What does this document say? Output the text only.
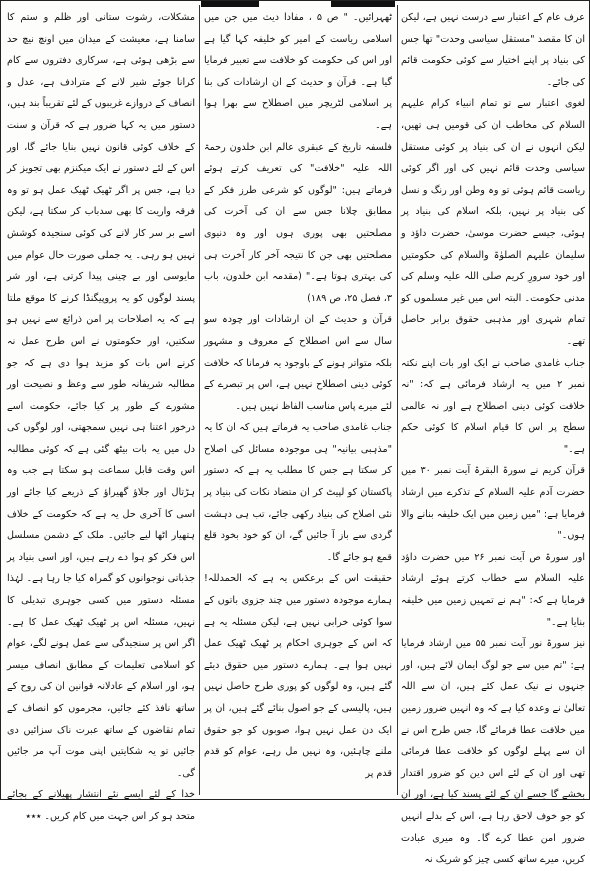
عرف عام کے اعتبار سے درست نہیں ہے، لیکن ان کا مقصد "مستقل سیاسی وحدت" تھا جس کی بنیاد پر اپنے اختیار سے کوئی حکومت قائم کی جائے۔

لغوی اعتبار سے تو تمام انبیاء کرام علیہم السلام کی مخاطب ان کی قومیں ہی تھیں، لیکن انہوں نے ان کی بنیاد پر کوئی مستقل سیاسی وحدت قائم نہیں کی اور اگر کوئی ریاست قائم ہوئی تو وہ وطن اور رنگ و نسل کی بنیاد پر نہیں، بلکہ اسلام کی بنیاد پر ہوئی، جیسے حضرت موسیٰ، حضرت داؤد و سلیمان علیہم الصلوٰۃ والسلام کی حکومتیں اور خود سرورِ کریم صلی اللہ علیہ وسلم کی مدنی حکومت۔ البتہ اس میں غیر مسلموں کو تمام شہری اور مذہبی حقوق برابر حاصل تھے۔

جناب غامدی صاحب نے ایک اور بات اپنے نکتہ نمبر ۲ میں یہ ارشاد فرمائی ہے کہ: "نہ خلافت کوئی دینی اصطلاح ہے اور نہ عالمی سطح پر اس کا قیام اسلام کا کوئی حکم ہے۔"

قرآن کریم نے سورۃ البقرۃ آیت نمبر ۳۰ میں حضرت آدم علیہ السلام کے تذکرے میں ارشاد فرمایا ہے: "میں زمین میں ایک خلیفہ بنانے والا ہوں۔"

اور سورۃ ص آیت نمبر ۲۶ میں حضرت داؤد علیہ السلام سے خطاب کرتے ہوئے ارشاد فرمایا ہے کہ: "ہم نے تمہیں زمین میں خلیفہ بنایا ہے۔"

نیز سورۃ نور آیت نمبر ۵۵ میں ارشاد فرمایا ہے: "تم میں سے جو لوگ ایمان لائے ہیں، اور جنہوں نے نیک عمل کئے ہیں، ان سے اللہ تعالیٰ نے وعدہ کیا ہے کہ وہ انہیں ضرور زمین میں خلافت عطا فرمائے گا، جس طرح اس نے ان سے پہلے لوگوں کو خلافت عطا فرمائی تھی اور ان کے لئے اس دین کو ضرور اقتدار بخشے گا جسے ان کے لئے پسند کیا ہے، اور ان کو جو خوف لاحق رہا ہے، اس کے بدلے انہیں ضرور امن عطا کرے گا۔ وہ میری عبادت کریں، میرے ساتھ کسی چیز کو شریک نہ

ٹھہرائیں۔ " ص ۵ ، مفادا دیث میں جن میں اسلامی ریاست کے امیر کو خلیفہ کہا گیا ہے اور اس کی حکومت کو خلافت سے تعبیر فرمایا گیا ہے۔ قرآن و حدیث کے ان ارشادات کی بنا پر اسلامی لٹریچر میں اصطلاح سے بھرا ہوا ہے۔

فلسفہ تاریخ کے عبقری عالم ابن خلدون رحمۃ اللہ علیہ "خلافت" کی تعریف کرتے ہوئے فرماتے ہیں: "لوگوں کو شرعی طرز فکر کے مطابق چلانا جس سے ان کی آخرت کی مصلحتیں بھی پوری ہوں اور وہ دنیوی مصلحتیں بھی جن کا نتیجہ آخر کار آخرت ہی کی بہتری ہوتا ہے۔" (مقدمہ ابن خلدون، باب ۳، فصل ۲۵، ص ۱۸۹)

قرآن و حدیث کے ان ارشادات اور چودہ سو سال سے اس اصطلاح کے معروف و مشہور بلکہ متواتر ہونے کے باوجود یہ فرمانا کہ خلافت کوئی دینی اصطلاح نہیں ہے، اس پر تبصرے کے لئے میرے پاس مناسب الفاظ نہیں ہیں۔

جناب غامدی صاحب یہ فرماتے ہیں کہ ان کا یہ "مذہبی بیانیہ" ہی موجودہ مسائل کی اصلاح کر سکتا ہے جس کا مطلب یہ ہے کہ دستور پاکستان کو لپیٹ کر ان متضاد نکات کی بنیاد پر نئی اصلاح کی بنیاد رکھی جائے، تب ہی دہشت گردی سے باز آ جائیں گے، ان کو خود بخود قلع قمع ہو جائے گا۔

حقیقت اس کے برعکس یہ ہے کہ الحمدللہ! ہمارے موجودہ دستور میں چند جزوی باتوں کے سوا کوئی خرابی نہیں ہے، لیکن مسئلہ یہ ہے کہ اس کے جوہری احکام پر ٹھیک ٹھیک عمل نہیں ہوا ہے۔ ہمارے دستور میں حقوق دیئے گئے ہیں، وہ لوگوں کو پوری طرح حاصل نہیں ہیں، پالیسی کے جو اصول بنائے گئے ہیں، ان پر ایک دن عمل نہیں ہوا، صوبوں کو جو حقوق ملنے چاہئیں، وہ نہیں مل رہے، عوام کو قدم قدم پر

مشکلات، رشوت ستانی اور ظلم و ستم کا سامنا ہے، معیشت کے میدان میں اونچ نیچ حد سے بڑھی ہوئی ہے، سرکاری دفتروں سے کام کرانا جوئے شیر لانے کے مترادف ہے، عدل و انصاف کے دروازے غریبوں کے لئے تقریباً بند ہیں، دستور میں یہ کہا ضرور ہے کہ قرآن و سنت کے خلاف کوئی قانون نہیں بنایا جائے گا، اور اس کے لئے دستور نے ایک میکنزم بھی تجویز کر دیا ہے، جس پر اگر ٹھیک ٹھیک عمل ہو تو وہ فرقہ واریت کا بھی سدباب کر سکتا ہے، لیکن اسے بر سر کار لانے کی کوئی سنجیدہ کوشش نہیں ہو رہی۔ یہ جملی صورت حال عوام میں مایوسی اور بے چینی پیدا کرتی ہے، اور شر پسند لوگوں کو یہ پروپیگنڈا کرنے کا موقع ملتا ہے کہ یہ اصلاحات پر امن ذرائع سے نہیں ہو سکتیں، اور حکومتوں نے اس طرح عمل نہ کرنے اس بات کو مزید ہوا دی ہے کہ جو مطالبہ شریفانہ طور سے وعظ و نصیحت اور مشورے کے طور پر کیا جائے، حکومت اسے درخور اعتنا ہی نہیں سمجھتی، اور لوگوں کی دل میں یہ بات بیٹھ گئی ہے کہ کوئی مطالبہ اس وقت قابل سماعت ہو سکتا ہے جب وہ ہڑتال اور جلاؤ گھیراؤ کے ذریعے کیا جائے اور اسی کا آخری حل یہ ہے کہ حکومت کے خلاف ہتھیار اٹھا لیے جائیں۔ ملک کے دشمن مسلسل اس فکر کو ہوا دے رہے ہیں، اور اسی بنیاد پر جذباتی نوجوانوں کو گمراہ کیا جا رہا ہے۔ لہٰذا مسئلہ دستور میں کسی جوہری تبدیلی کا نہیں، مسئلہ اس پر ٹھیک ٹھیک عمل کا ہے۔ اگر اس پر سنجیدگی سے عمل ہونے لگے، عوام کو اسلامی تعلیمات کے مطابق انصاف میسر ہو، اور اسلام کے عادلانہ قوانین ان کی روح کے ساتھ نافذ کئے جائیں، مجرموں کو انصاف کے تمام تقاضوں کے ساتھ عبرت ناک سزائیں دی جائیں تو یہ شکایتیں اپنی موت آپ مر جائیں گی۔

خدا کے لئے ایسے نئے انتشار پھیلانے کے بجائے متحد ہو کر اس جہت میں کام کریں۔ ٭٭٭
